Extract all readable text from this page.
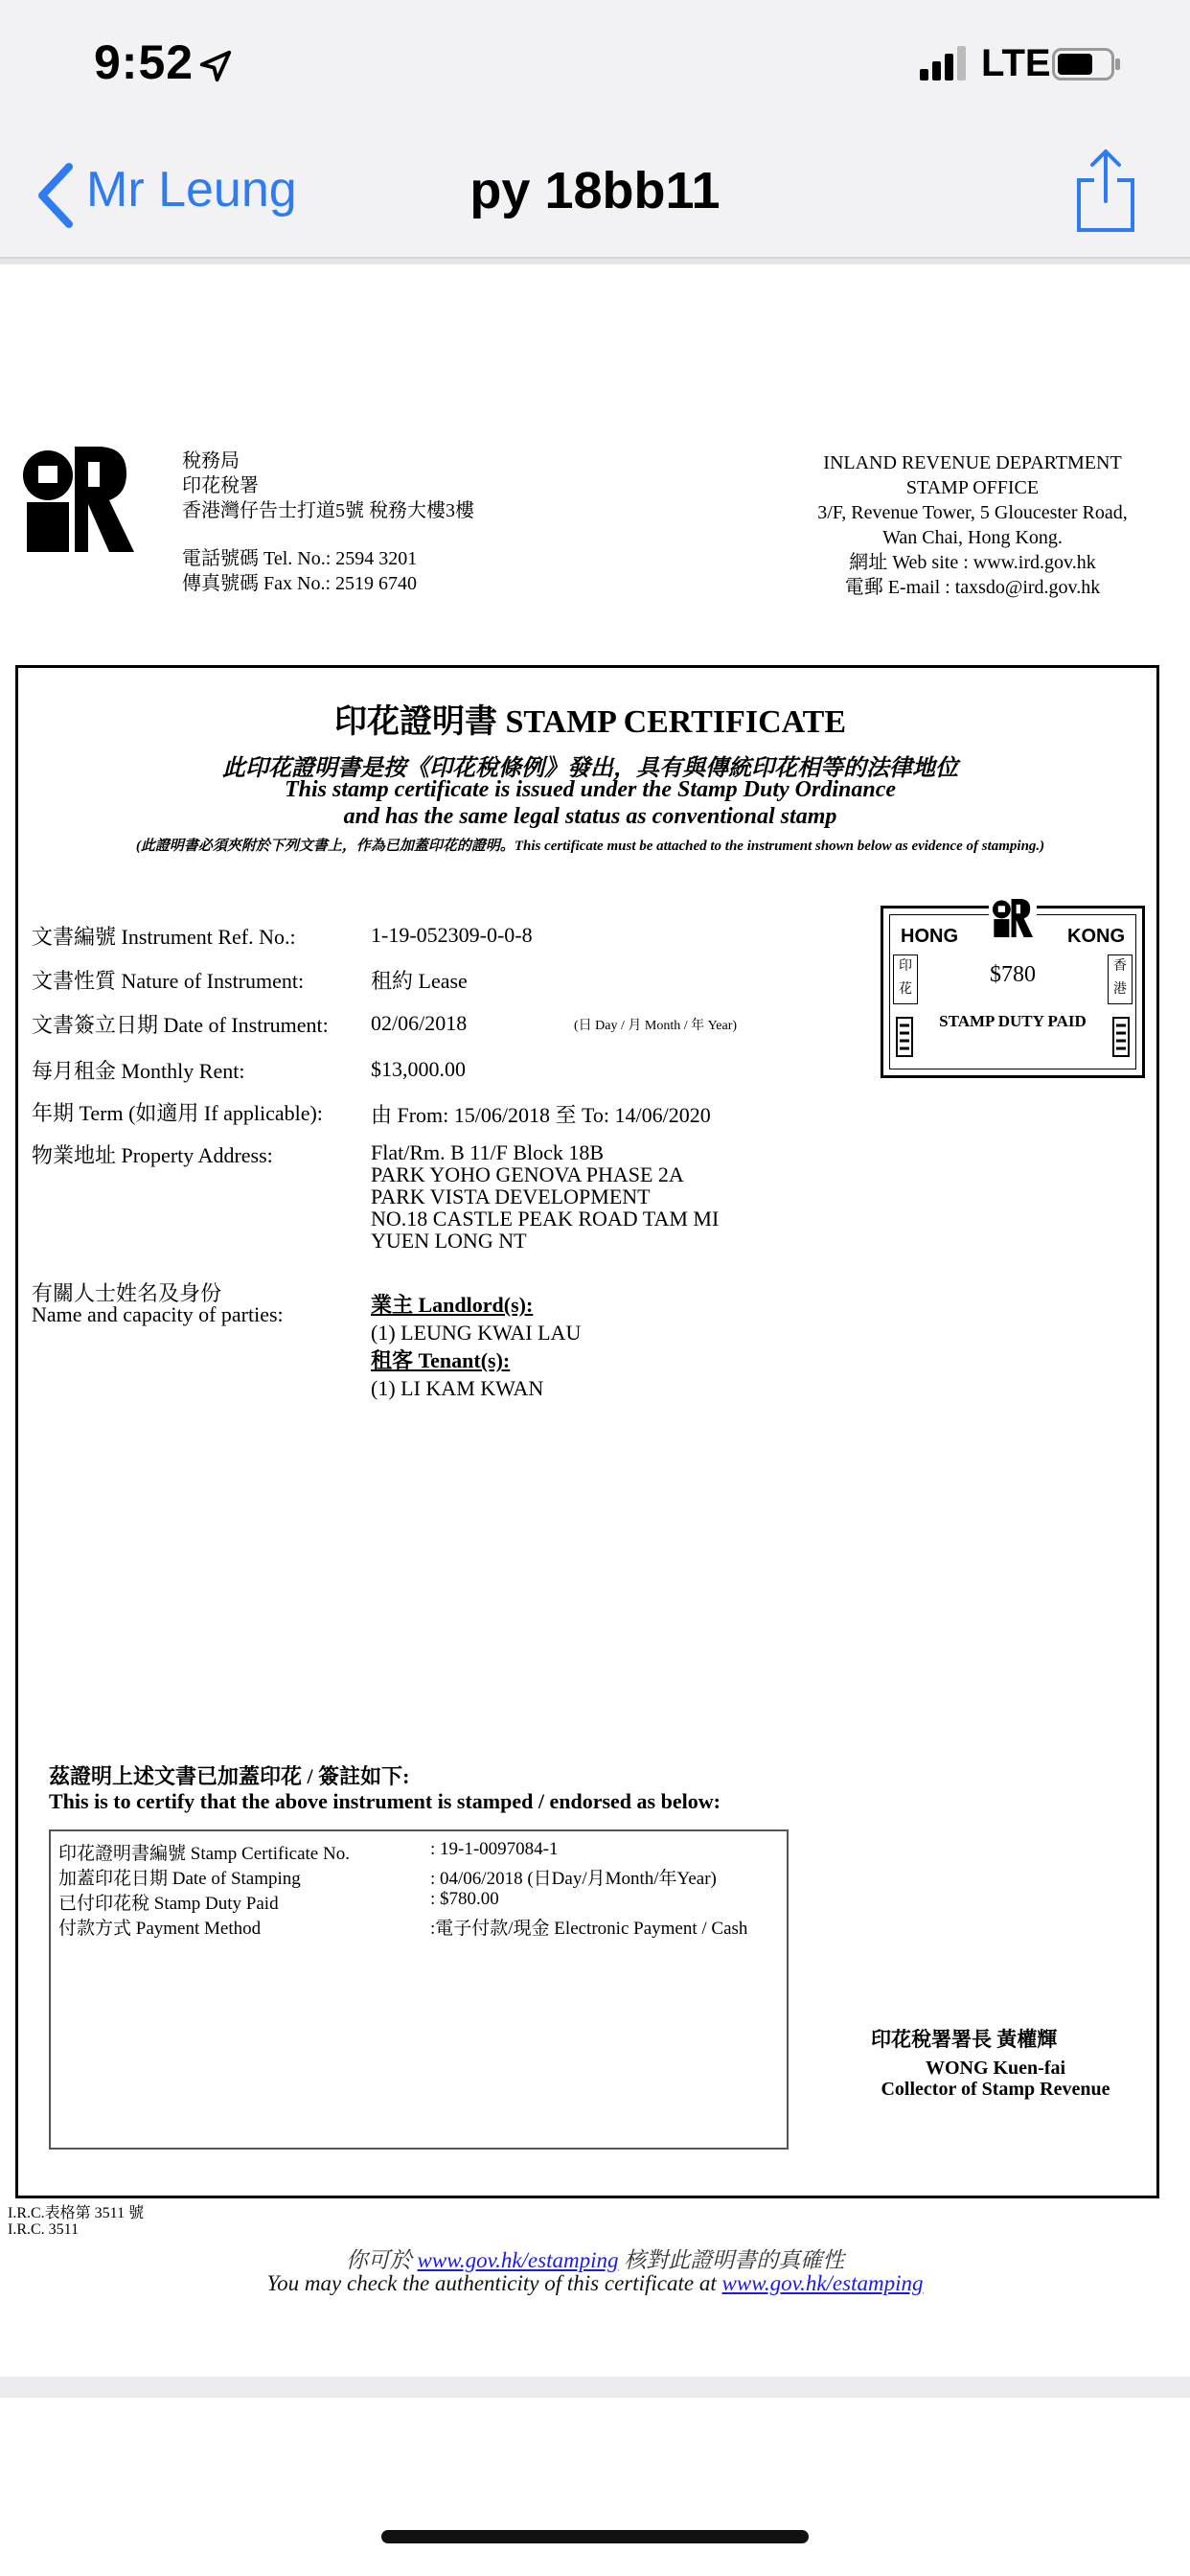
9:52	LTE
Mr Leung	py 18bb11
稅務局
印花稅署
香港灣仔告士打道5號 稅務大樓3樓
電話號碼 Tel. No.: 2594 3201
傳真號碼 Fax No.: 2519 6740
INLAND REVENUE DEPARTMENT
STAMP OFFICE
3/F, Revenue Tower, 5 Gloucester Road,
Wan Chai, Hong Kong.
網址 Web site : www.ird.gov.hk
電郵 E-mail : taxsdo@ird.gov.hk
印花證明書 STAMP CERTIFICATE
此印花證明書是按《印花稅條例》發出，具有與傳統印花相等的法律地位
This stamp certificate is issued under the Stamp Duty Ordinance
and has the same legal status as conventional stamp
(此證明書必須夾附於下列文書上，作為已加蓋印花的證明。This certificate must be attached to the instrument shown below as evidence of stamping.)
文書編號 Instrument Ref. No.:	1-19-052309-0-0-8
文書性質 Nature of Instrument:	租約 Lease
文書簽立日期 Date of Instrument: 02/06/2018	(日 Day / 月 Month / 年 Year)
每月租金 Monthly Rent:	$13,000.00
年期 Term (如適用 If applicable): 由 From: 15/06/2018 至 To: 14/06/2020
物業地址 Property Address:	Flat/Rm. B 11/F Block 18B
PARK YOHO GENOVA PHASE 2A
PARK VISTA DEVELOPMENT
NO.18 CASTLE PEAK ROAD TAM MI
YUEN LONG NT
有關人士姓名及身份
Name and capacity of parties:	業主 Landlord(s):
(1) LEUNG KWAI LAU
租客 Tenant(s):
(1) LI KAM KWAN
HONG	KONG
印花
香港
$780
STAMP DUTY PAID
茲證明上述文書已加蓋印花 / 簽註如下:
This is to certify that the above instrument is stamped / endorsed as below:
印花證明書編號 Stamp Certificate No.	: 19-1-0097084-1
加蓋印花日期 Date of Stamping	: 04/06/2018 (日Day/月Month/年Year)
已付印花稅 Stamp Duty Paid	: $780.00
付款方式 Payment Method	:電子付款/現金 Electronic Payment / Cash
印花稅署署長 黃權輝
WONG Kuen-fai
Collector of Stamp Revenue
I.R.C.表格第 3511 號
I.R.C. 3511
你可於 www.gov.hk/estamping 核對此證明書的真確性
You may check the authenticity of this certificate at www.gov.hk/estamping
